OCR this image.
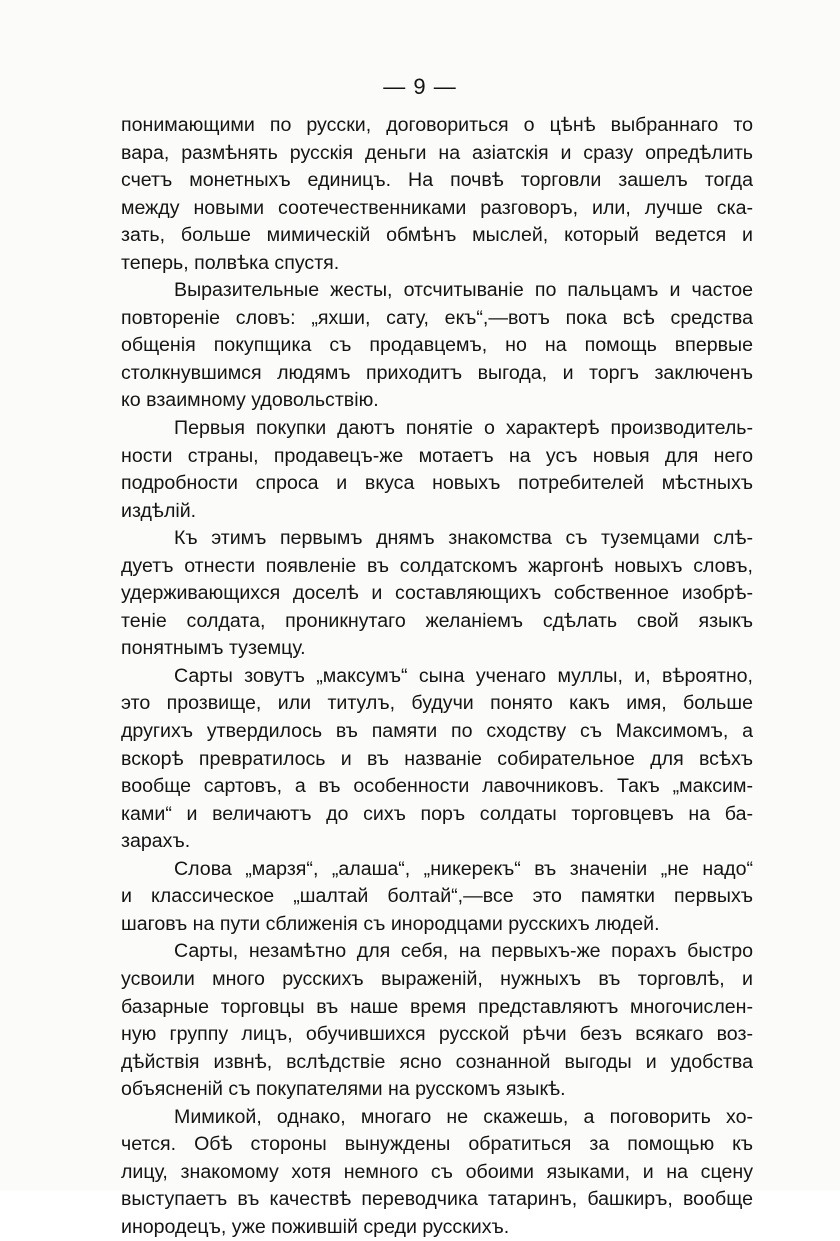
— 9 —
понимающими по русски, договориться о цѣнѣ выбраннаго то
вара, размѣнять русскія деньги на азіатскія и сразу опредѣлить
счетъ монетныхъ единицъ. На почвѣ торговли зашелъ тогда
между новыми соотечественниками разговоръ, или, лучше ска-
зать, больше мимическій обмѣнъ мыслей, который ведется и
теперь, полвѣка спустя.
Выразительные жесты, отсчитываніе по пальцамъ и частое
повтореніе словъ: „яхши, сату, екъ“,—вотъ пока всѣ средства
общенія покупщика съ продавцемъ, но на помощь впервые
столкнувшимся людямъ приходитъ выгода, и торгъ заключенъ
ко взаимному удовольствію.
Первыя покупки даютъ понятіе о характерѣ производитель-
ности страны, продавецъ-же мотаетъ на усъ новыя для него
подробности спроса и вкуса новыхъ потребителей мѣстныхъ
издѣлій.
Къ этимъ первымъ днямъ знакомства съ туземцами слѣ-
дуетъ отнести появленіе въ солдатскомъ жаргонѣ новыхъ словъ,
удерживающихся доселѣ и составляющихъ собственное изобрѣ-
теніе солдата, проникнутаго желаніемъ сдѣлать свой языкъ
понятнымъ туземцу.
Сарты зовутъ „максумъ“ сына ученаго муллы, и, вѣроятно,
это прозвище, или титулъ, будучи понято какъ имя, больше
другихъ утвердилось въ памяти по сходству съ Максимомъ, а
вскорѣ превратилось и въ названіе собирательное для всѣхъ
вообще сартовъ, а въ особенности лавочниковъ. Такъ „максим-
ками“ и величаютъ до сихъ поръ солдаты торговцевъ на ба-
зарахъ.
Слова „марзя“, „алаша“, „никерекъ“ въ значеніи „не надо“
и классическое „шалтай болтай“,—все это памятки первыхъ
шаговъ на пути сближенія съ инородцами русскихъ людей.
Сарты, незамѣтно для себя, на первыхъ-же порахъ быстро
усвоили много русскихъ выраженій, нужныхъ въ торговлѣ, и
базарные торговцы въ наше время представляютъ многочислен-
ную группу лицъ, обучившихся русской рѣчи безъ всякаго воз-
дѣйствія извнѣ, вслѣдствіе ясно сознанной выгоды и удобства
объясненій съ покупателями на русскомъ языкѣ.
Мимикой, однако, многаго не скажешь, а поговорить хо-
чется. Обѣ стороны вынуждены обратиться за помощью къ
лицу, знакомому хотя немного съ обоими языками, и на сцену
выступаетъ въ качествѣ переводчика татаринъ, башкиръ, вообще
инородецъ, уже пожившій среди русскихъ.
